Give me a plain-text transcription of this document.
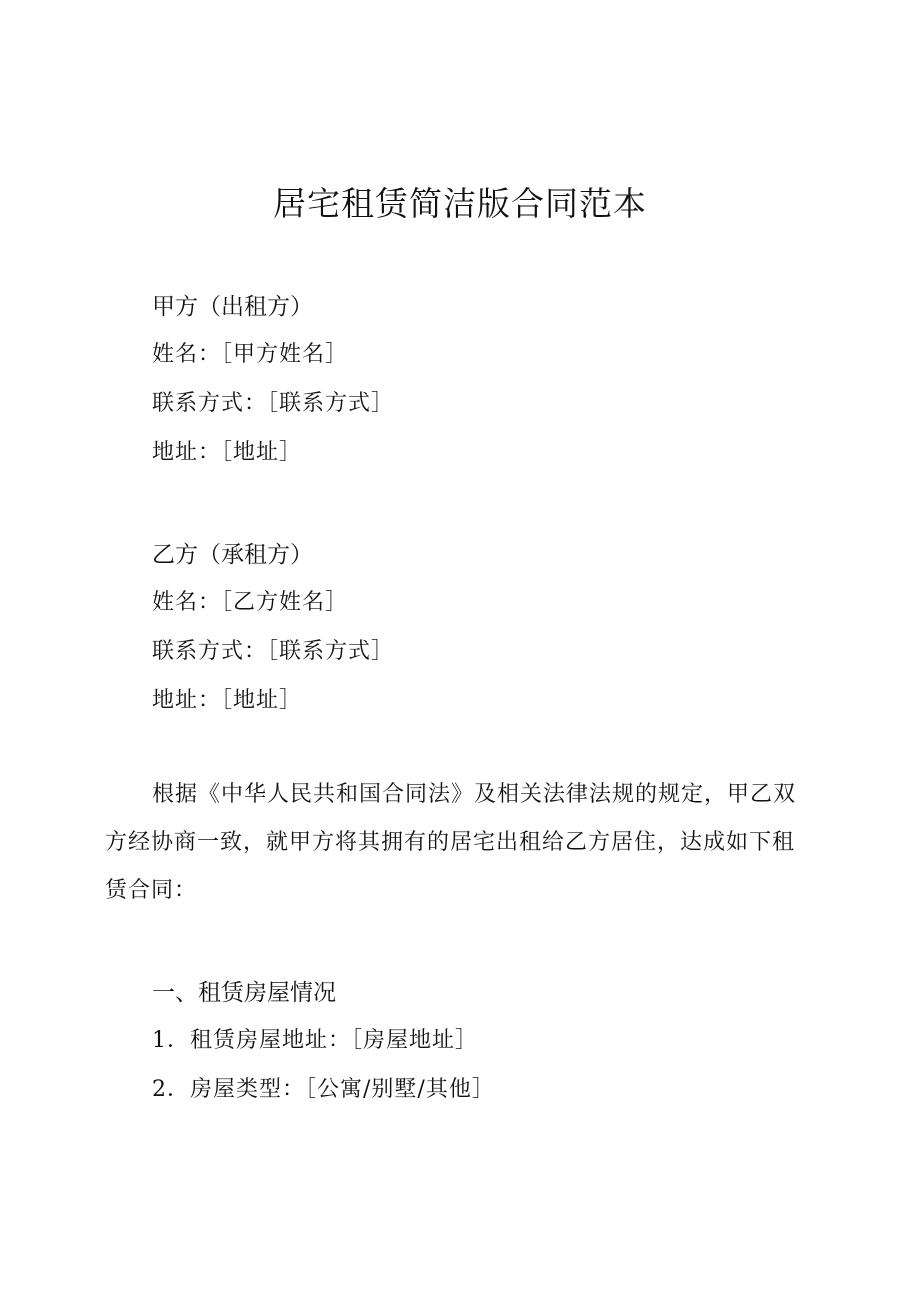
居宅租赁简洁版合同范本
甲方（出租方）

姓名：［甲方姓名］

联系方式：［联系方式］

地址：［地址］

乙方（承租方）

姓名：［乙方姓名］

联系方式：［联系方式］

地址：［地址］

根据《中华人民共和国合同法》及相关法律法规的规定，甲乙双
方经协商一致，就甲方将其拥有的居宅出租给乙方居住，达成如下租
赁合同：
一、租赁房屋情况

1．租赁房屋地址：［房屋地址］

2．房屋类型：［公寓/别墅/其他］
